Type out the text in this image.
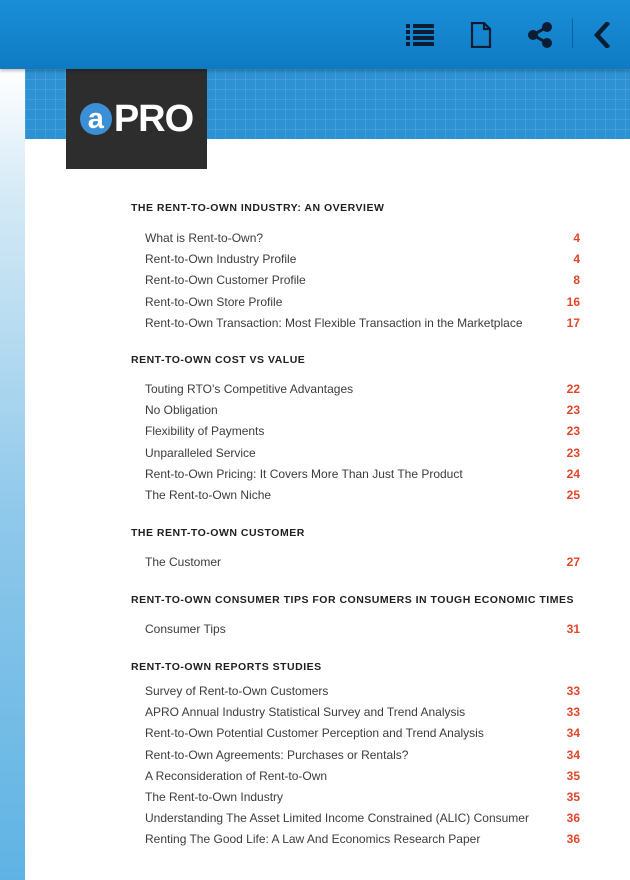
a PRO
THE RENT-TO-OWN INDUSTRY: AN OVERVIEW
What is Rent-to-Own?	4
Rent-to-Own Industry Profile	4
Rent-to-Own Customer Profile	8
Rent-to-Own Store Profile	16
Rent-to-Own Transaction: Most Flexible Transaction in the Marketplace	17
RENT-TO-OWN COST VS VALUE
Touting RTO’s Competitive Advantages	22
No Obligation	23
Flexibility of Payments	23
Unparalleled Service	23
Rent-to-Own Pricing: It Covers More Than Just The Product	24
The Rent-to-Own Niche	25
THE RENT-TO-OWN CUSTOMER
The Customer	27
RENT-TO-OWN CONSUMER TIPS FOR CONSUMERS IN TOUGH ECONOMIC TIMES
Consumer Tips	31
RENT-TO-OWN REPORTS STUDIES
Survey of Rent-to-Own Customers	33
APRO Annual Industry Statistical Survey and Trend Analysis	33
Rent-to-Own Potential Customer Perception and Trend Analysis	34
Rent-to-Own Agreements: Purchases or Rentals?	34
A Reconsideration of Rent-to-Own	35
The Rent-to-Own Industry	35
Understanding The Asset Limited Income Constrained (ALIC) Consumer	36
Renting The Good Life: A Law And Economics Research Paper	36
